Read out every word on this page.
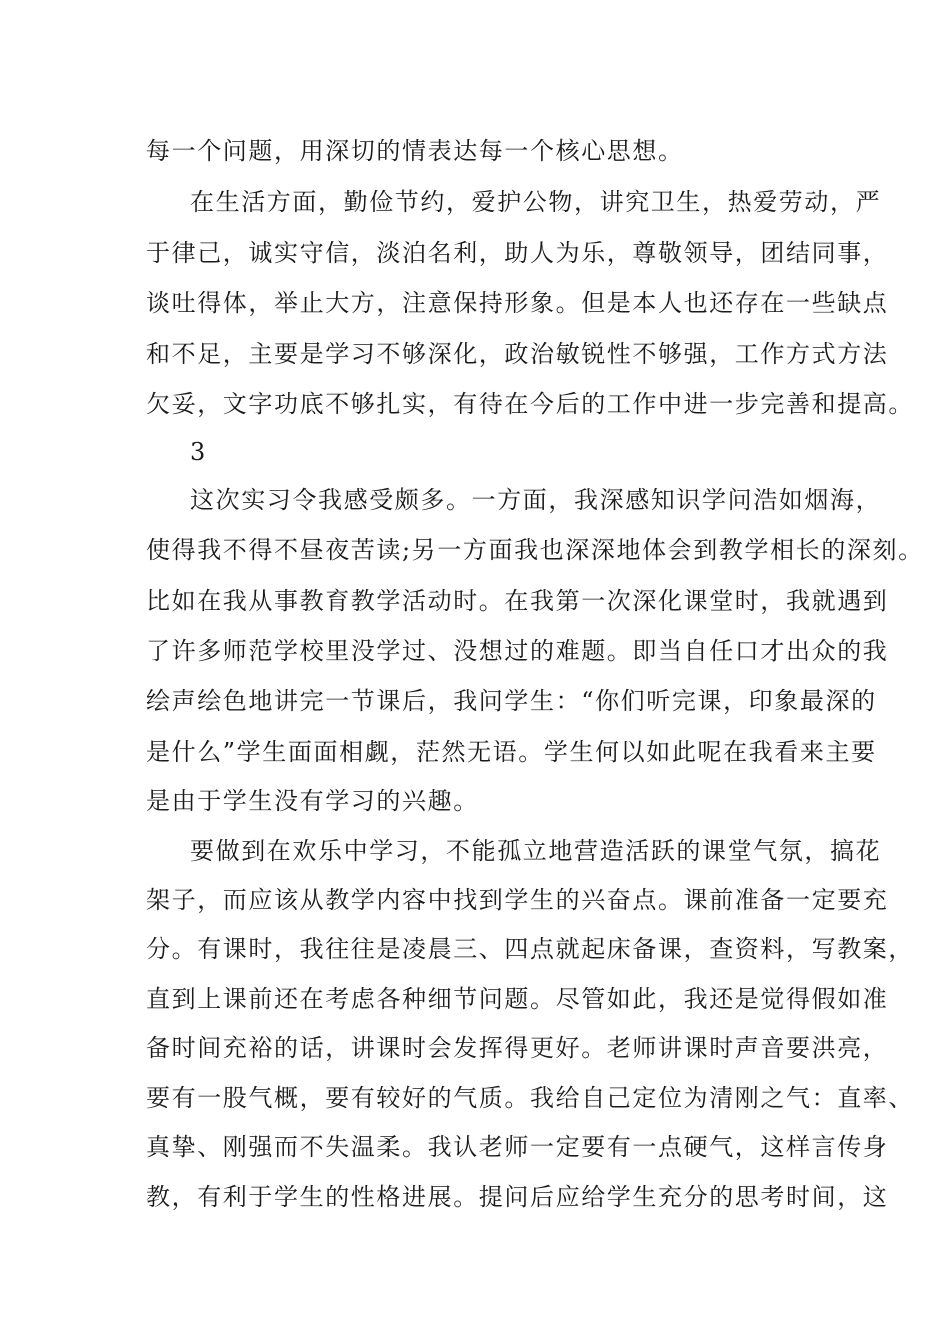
每一个问题，用深切的情表达每一个核心思想。
在生活方面，勤俭节约，爱护公物，讲究卫生，热爱劳动，严
于律己，诚实守信，淡泊名利，助人为乐，尊敬领导，团结同事，
谈吐得体，举止大方，注意保持形象。但是本人也还存在一些缺点
和不足，主要是学习不够深化，政治敏锐性不够强，工作方式方法
欠妥，文字功底不够扎实，有待在今后的工作中进一步完善和提高。
3
这次实习令我感受颇多。一方面，我深感知识学问浩如烟海，
使得我不得不昼夜苦读;另一方面我也深深地体会到教学相长的深刻。
比如在我从事教育教学活动时。在我第一次深化课堂时，我就遇到
了许多师范学校里没学过、没想过的难题。即当自任口才出众的我
绘声绘色地讲完一节课后，我问学生：“你们听完课，印象最深的
是什么”学生面面相觑，茫然无语。学生何以如此呢在我看来主要
是由于学生没有学习的兴趣。
要做到在欢乐中学习，不能孤立地营造活跃的课堂气氛，搞花
架子，而应该从教学内容中找到学生的兴奋点。课前准备一定要充
分。有课时，我往往是凌晨三、四点就起床备课，查资料，写教案，
直到上课前还在考虑各种细节问题。尽管如此，我还是觉得假如准
备时间充裕的话，讲课时会发挥得更好。老师讲课时声音要洪亮，
要有一股气概，要有较好的气质。我给自己定位为清刚之气：直率、
真挚、刚强而不失温柔。我认老师一定要有一点硬气，这样言传身
教，有利于学生的性格进展。提问后应给学生充分的思考时间，这
